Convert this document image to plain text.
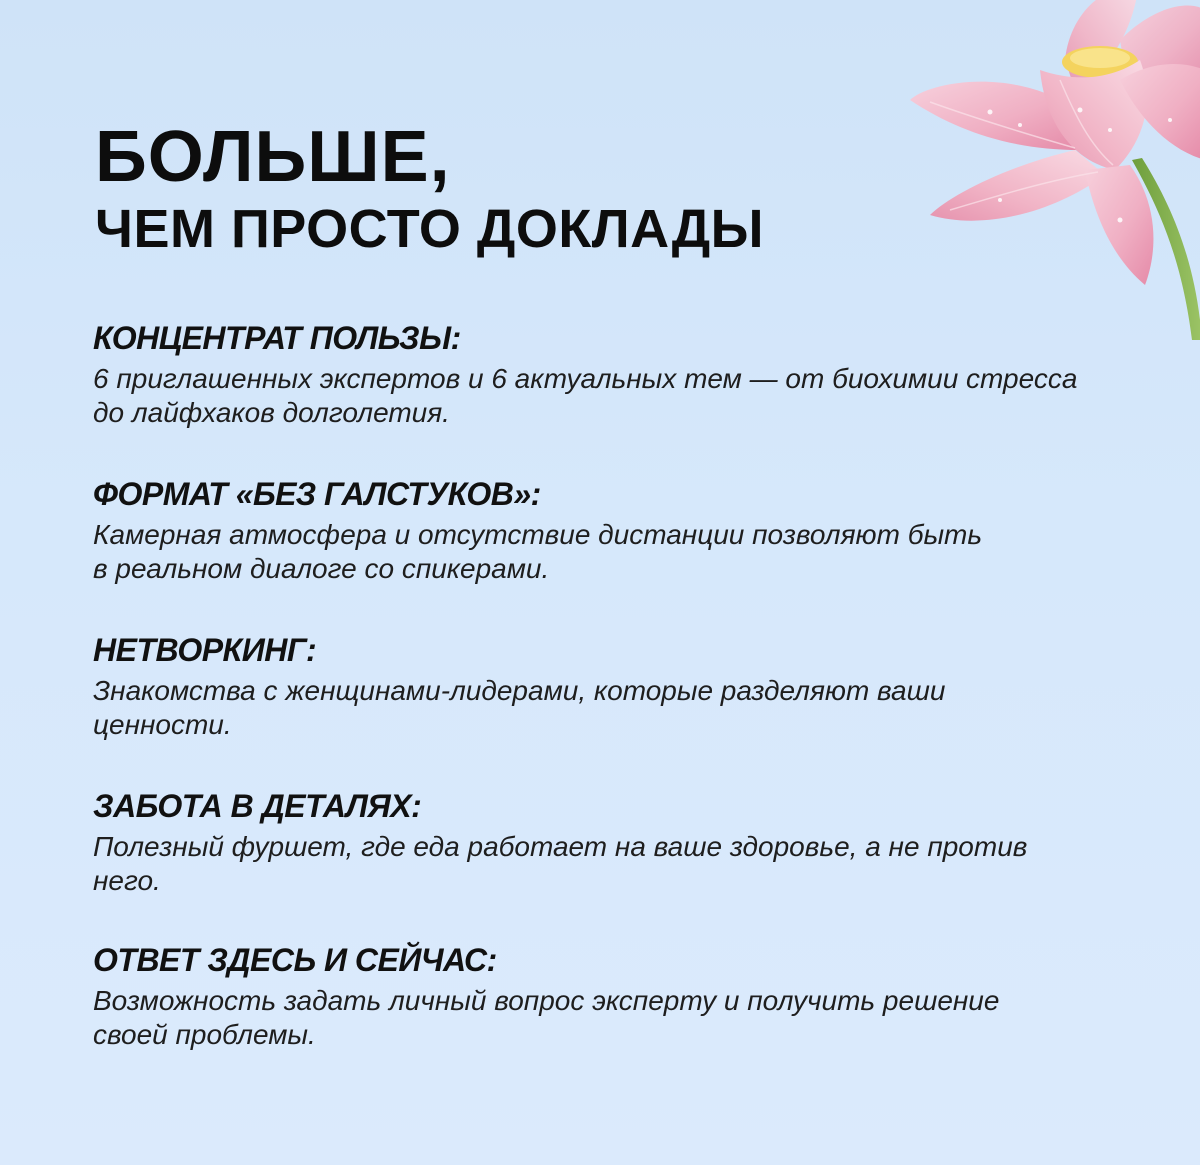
БОЛЬШЕ,
ЧЕМ ПРОСТО ДОКЛАДЫ

КОНЦЕНТРАТ ПОЛЬЗЫ:

6 приглашенных экспертов и 6 актуальных тем — от биохимии стресса
до лайфхаков долголетия.

ФОРМАТ «БЕЗ ГАЛСТУКОВ»:

Камерная атмосфера и отсутствие дистанции позволяют быть
в реальном диалоге со спикерами.

НЕТВОРКИНГ:

Знакомства с женщинами-лидерами, которые разделяют ваши
ценности.

ЗАБОТА В ДЕТАЛЯХ:

Полезный фуршет, где еда работает на ваше здоровье, а не против
него.

ОТВЕТ ЗДЕСЬ И СЕЙЧАС:

Возможность задать личный вопрос эксперту и получить решение
своей проблемы.
